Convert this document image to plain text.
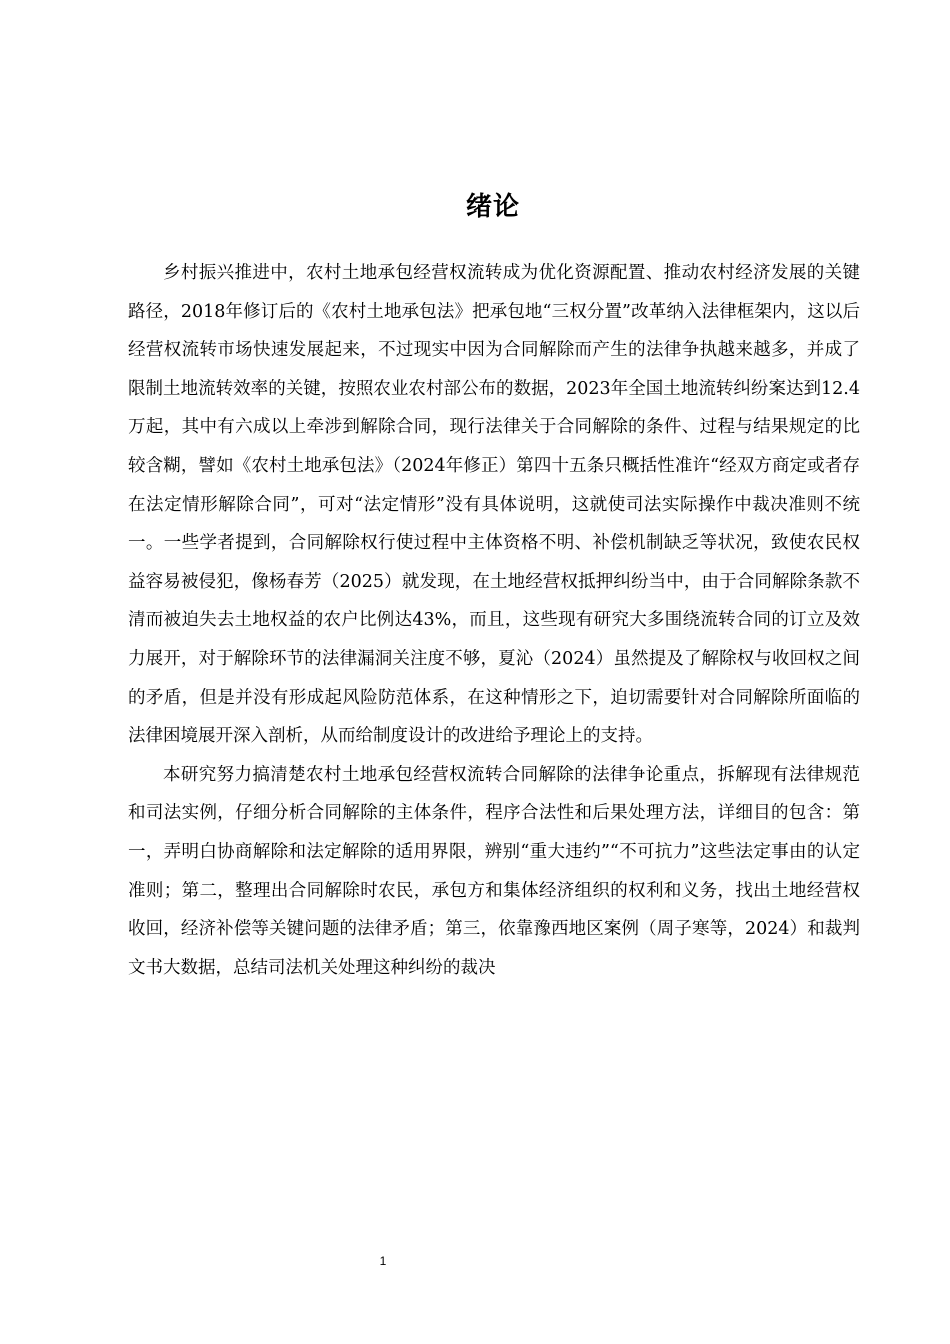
绪论

乡村振兴推进中，农村土地承包经营权流转成为优化资源配置、推动农村经济发展的关键路径，2018年修订后的《农村土地承包法》把承包地“三权分置”改革纳入法律框架内，这以后经营权流转市场快速发展起来，不过现实中因为合同解除而产生的法律争执越来越多，并成了限制土地流转效率的关键，按照农业农村部公布的数据，2023年全国土地流转纠纷案达到12.4万起，其中有六成以上牵涉到解除合同，现行法律关于合同解除的条件、过程与结果规定的比较含糊，譬如《农村土地承包法》（2024年修正）第四十五条只概括性准许“经双方商定或者存在法定情形解除合同”，可对“法定情形”没有具体说明，这就使司法实际操作中裁决准则不统一。一些学者提到，合同解除权行使过程中主体资格不明、补偿机制缺乏等状况，致使农民权益容易被侵犯，像杨春芳（2025）就发现，在土地经营权抵押纠纷当中，由于合同解除条款不清而被迫失去土地权益的农户比例达43%，而且，这些现有研究大多围绕流转合同的订立及效力展开，对于解除环节的法律漏洞关注度不够，夏沁（2024）虽然提及了解除权与收回权之间的矛盾，但是并没有形成起风险防范体系，在这种情形之下，迫切需要针对合同解除所面临的法律困境展开深入剖析，从而给制度设计的改进给予理论上的支持。

本研究努力搞清楚农村土地承包经营权流转合同解除的法律争论重点，拆解现有法律规范和司法实例，仔细分析合同解除的主体条件，程序合法性和后果处理方法，详细目的包含：第一，弄明白协商解除和法定解除的适用界限，辨别“重大违约”“不可抗力”这些法定事由的认定准则；第二，整理出合同解除时农民，承包方和集体经济组织的权利和义务，找出土地经营权收回，经济补偿等关键问题的法律矛盾；第三，依靠豫西地区案例（周子寒等，2024）和裁判文书大数据，总结司法机关处理这种纠纷的裁决

1
